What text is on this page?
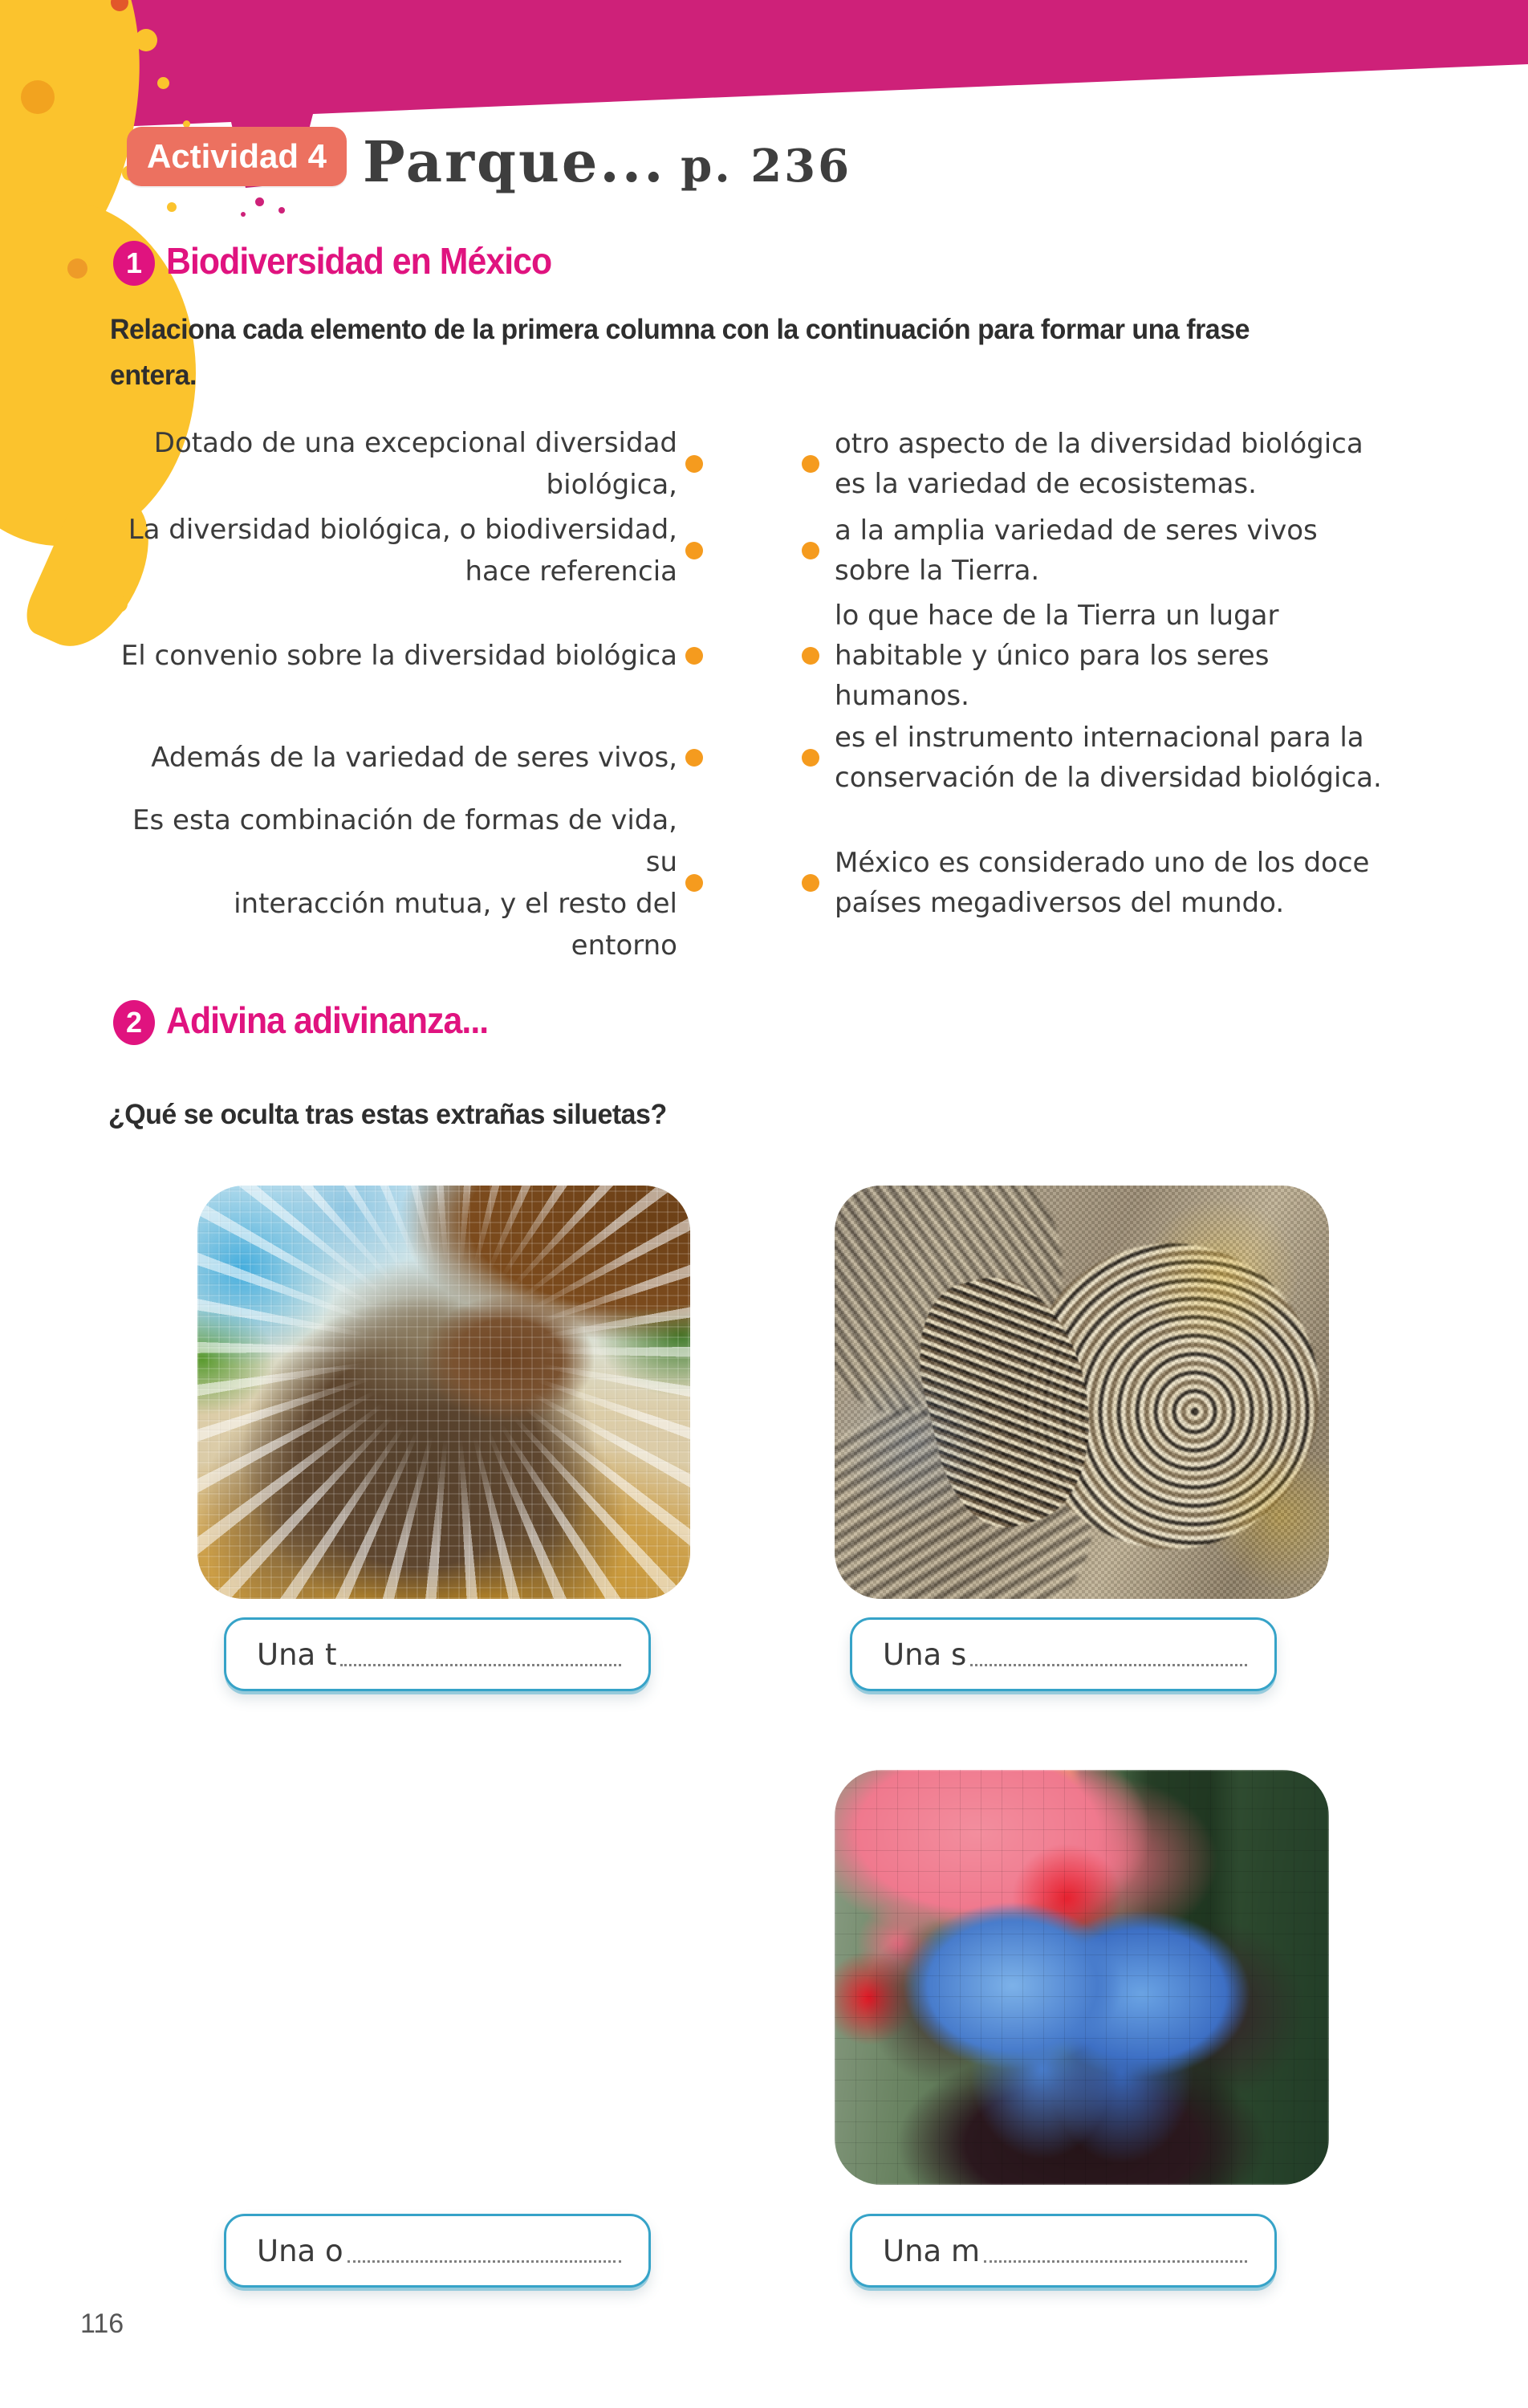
Actividad 4 Parque... p. 236
1 Biodiversidad en México
Relaciona cada elemento de la primera columna con la continuación para formar una frase
entera.
Dotado de una excepcional diversidad
biológica,
otro aspecto de la diversidad biológica
es la variedad de ecosistemas.
La diversidad biológica, o biodiversidad,
hace referencia
a la amplia variedad de seres vivos
sobre la Tierra.
El convenio sobre la diversidad biológica
lo que hace de la Tierra un lugar
habitable y único para los seres
humanos.
Además de la variedad de seres vivos,
es el instrumento internacional para la
conservación de la diversidad biológica.
Es esta combinación de formas de vida, su
interacción mutua, y el resto del entorno
México es considerado uno de los doce
países megadiversos del mundo.
2 Adivina adivinanza...
¿Qué se oculta tras estas extrañas siluetas?
Una t	Una s
Una o	Una m
116
